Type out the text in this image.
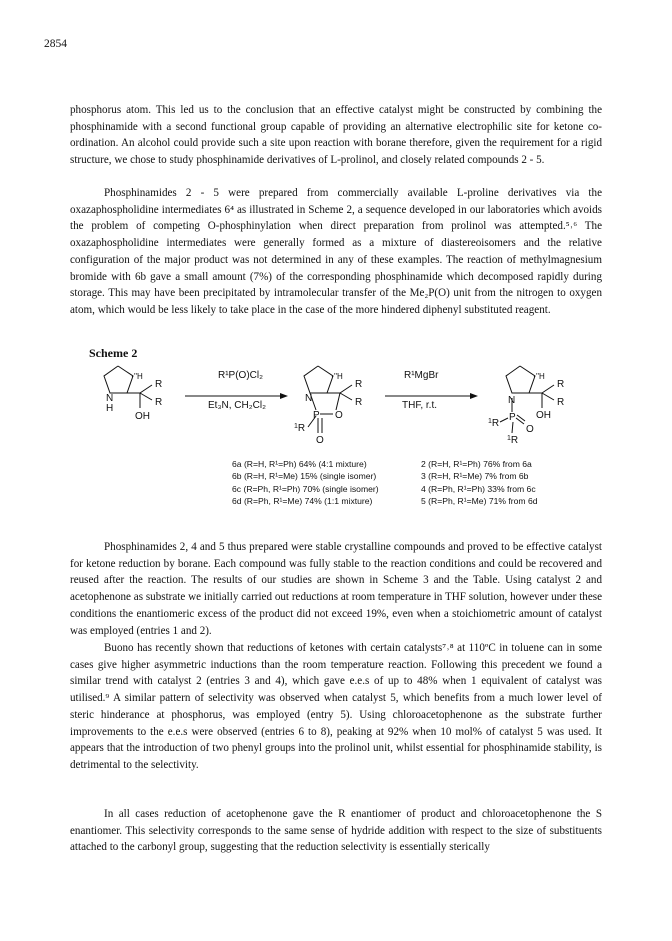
2854

phosphorus atom. This led us to the conclusion that an effective catalyst might be constructed by combining the phosphinamide with a second functional group capable of providing an alternative electrophilic site for ketone co-ordination. An alcohol could provide such a site upon reaction with borane therefore, given the requirement for a rigid structure, we chose to study phosphinamide derivatives of L-prolinol, and closely related compounds 2 - 5.

Phosphinamides 2 - 5 were prepared from commercially available L-proline derivatives via the oxazaphospholidine intermediates 6⁴ as illustrated in Scheme 2, a sequence developed in our laboratories which avoids the problem of competing O-phosphinylation when direct preparation from prolinol was attempted.⁵˒⁶ The oxazaphospholidine intermediates were generally formed as a mixture of diastereoisomers and the relative configuration of the major product was not determined in any of these examples. The reaction of methylmagnesium bromide with 6b gave a small amount (7%) of the corresponding phosphinamide which decomposed rapidly during storage. This may have been precipitated by intramolecular transfer of the Me₂P(O) unit from the nitrogen to oxygen atom, which would be less likely to take place in the case of the more hindered diphenyl substituted reagent.

Scheme 2
. ''H
R
R
N
H
OH
. ''H
R
R
N
P O
$^1$R
O
. ''H
R
R
N
P OH
$^1$R
O
$^1$R
R¹P(O)Cl₂
Et₃N, CH₂Cl₂
R¹MgBr
THF, r.t.
6a (R=H, R¹=Ph) 64% (4:1 mixture)
6b (R=H, R¹=Me) 15% (single isomer)
6c (R=Ph, R¹=Ph) 70% (single isomer)
6d (R=Ph, R¹=Me) 74% (1:1 mixture)
2 (R=H, R¹=Ph) 76% from 6a
3 (R=H, R¹=Me) 7% from 6b
4 (R=Ph, R¹=Ph) 33% from 6c
5 (R=Ph, R¹=Me) 71% from 6d

Phosphinamides 2, 4 and 5 thus prepared were stable crystalline compounds and proved to be effective catalyst for ketone reduction by borane. Each compound was fully stable to the reaction conditions and could be recovered and reused after the reaction. The results of our studies are shown in Scheme 3 and the Table. Using catalyst 2 and acetophenone as substrate we initially carried out reductions at room temperature in THF solution, however under these conditions the enantiomeric excess of the product did not exceed 19%, even when a stoichiometric amount of catalyst was employed (entries 1 and 2).

Buono has recently shown that reductions of ketones with certain catalysts⁷˒⁸ at 110ºC in toluene can in some cases give higher asymmetric inductions than the room temperature reaction. Following this precedent we found a similar trend with catalyst 2 (entries 3 and 4), which gave e.e.s of up to 48% when 1 equivalent of catalyst was utilised.⁹ A similar pattern of selectivity was observed when catalyst 5, which benefits from a much lower level of steric hinderance at phosphorus, was employed (entry 5). Using chloroacetophenone as the substrate further improvements to the e.e.s were observed (entries 6 to 8), peaking at 92% when 10 mol% of catalyst 5 was used. It appears that the introduction of two phenyl groups into the prolinol unit, whilst essential for phosphinamide stability, is detrimental to the selectivity.

In all cases reduction of acetophenone gave the R enantiomer of product and chloroacetophenone the S enantiomer. This selectivity corresponds to the same sense of hydride addition with respect to the size of substituents attached to the carbonyl group, suggesting that the reduction selectivity is essentially sterically
